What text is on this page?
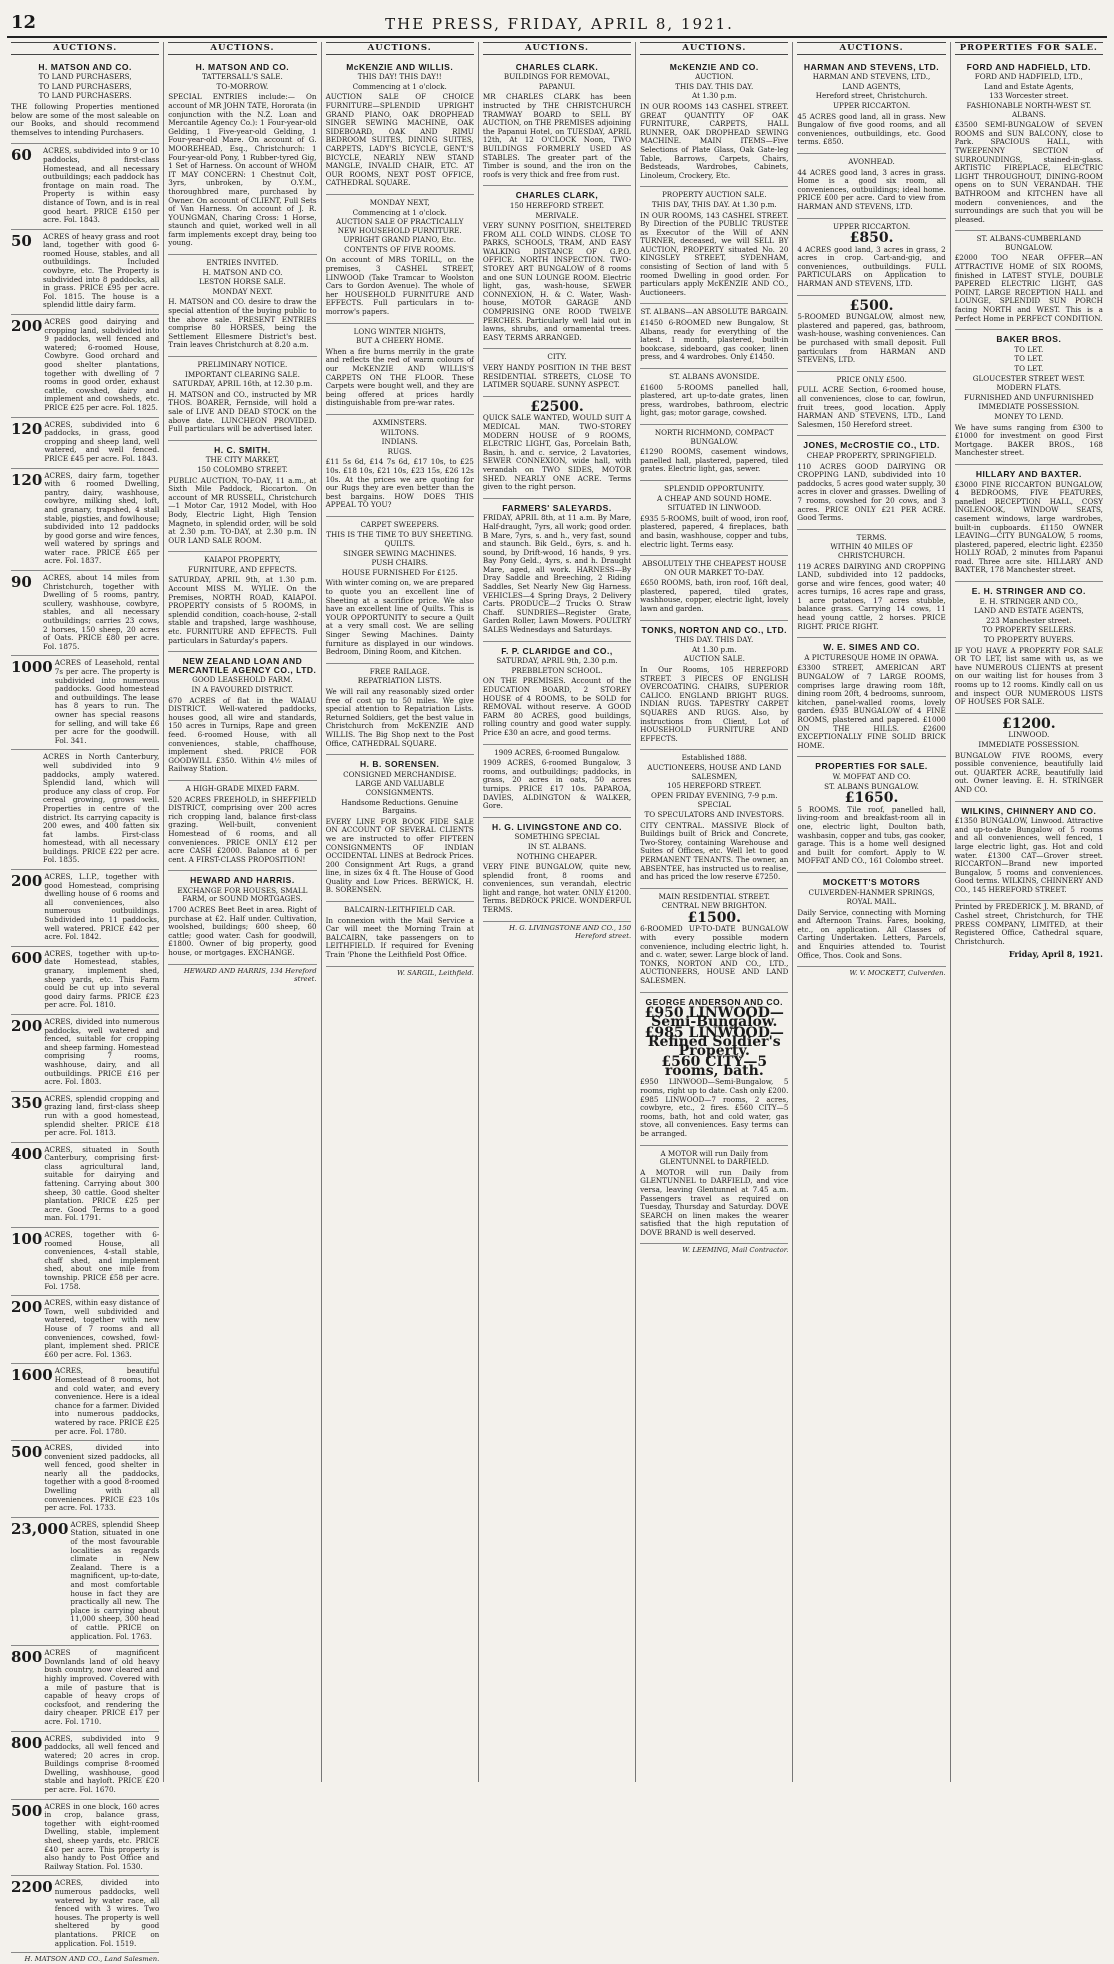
12	THE PRESS, FRIDAY, APRIL 8, 1921.
AUCTIONS.
H. MATSON AND CO.
TO LAND PURCHASERS,
TO LAND PURCHASERS,
TO LAND PURCHASERS.
THE following Properties mentioned below are some of the most saleable on our Books, and should recommend themselves to intending Purchasers.
60	ACRES, subdivided into 9 or 10 paddocks, first-class Homestead, and all necessary outbuildings; each paddock has frontage on main road. The Property is within easy distance of Town, and is in real good heart. PRICE £150 per acre. Fol. 1843.
50	ACRES of heavy grass and root land, together with good 6-roomed House, stables, and all outbuildings. Included cowbyre, etc. The Property is subdivided into 8 paddocks, all in grass. PRICE £95 per acre. Fol. 1815. The house is a splendid little dairy farm.
200 ACRES good dairying and cropping land, subdivided into 9 paddocks, well fenced and watered; 6-roomed House, Cowbyre. Good orchard and good shelter plantations, together with dwelling of 7 rooms in good order, exhaust cattle, cowshed, dairy and implement and cowsheds, etc. PRICE £25 per acre. Fol. 1825.
120 ACRES, subdivided into 6 paddocks, in grass, good cropping and sheep land, well watered, and well fenced. PRICE £45 per acre. Fol. 1843.
120 ACRES, dairy farm, together with 6 roomed Dwelling, pantry, dairy, washhouse, cowbyre, milking shed, loft, and granary, trapshed, 4 stall stable, pigsties, and fowlhouse; subdivided into 12 paddocks by good gorse and wire fences, well watered by springs and water race. PRICE £65 per acre. Fol. 1837.
90	ACRES, about 14 miles from Christchurch, together with Dwelling of 5 rooms, pantry, scullery, washhouse, cowbyre, stables, and all necessary outbuildings; carries 23 cows, 2 horses, 150 sheep, 20 acres of Oats. PRICE £80 per acre. Fol. 1875.
1000 ACRES of Leasehold, rental 7s per acre. The property is subdivided into numerous paddocks. Good homestead and outbuildings. The lease has 8 years to run. The owner has special reasons for selling, and will take £6 per acre for the goodwill. Fol. 341.
ACRES in North Canterbury, well subdivided into 9 paddocks, amply watered. Splendid land, which will produce any class of crop. For cereal growing, grows well. Properties in centre of the district. Its carrying capacity is 200 ewes, and 400 fatten six fat lambs. First-class homestead, with all necessary buildings. PRICE £22 per acre. Fol. 1835.
200 ACRES, L.I.P., together with good Homestead, comprising dwelling house of 6 rooms and all conveniences, also numerous outbuildings. Subdivided into 11 paddocks, well watered. PRICE £42 per acre. Fol. 1842.
600 ACRES, together with up-to-date Homestead, stables, granary, implement shed, sheep yards, etc. This Farm could be cut up into several good dairy farms. PRICE £23 per acre. Fol. 1810.
200 ACRES, divided into numerous paddocks, well watered and fenced, suitable for cropping and sheep farming. Homestead comprising 7 rooms, washhouse, dairy, and all outbuildings. PRICE £16 per acre. Fol. 1803.
350 ACRES, splendid cropping and grazing land, first-class sheep run with a good homestead, splendid shelter. PRICE £18 per acre. Fol. 1813.
400 ACRES, situated in South Canterbury, comprising first-class agricultural land, suitable for dairying and fattening. Carrying about 300 sheep, 30 cattle. Good shelter plantation. PRICE £25 per acre. Good Terms to a good man. Fol. 1791.
100 ACRES, together with 6-roomed House, all conveniences, 4-stall stable, chaff shed, and implement shed, about one mile from township. PRICE £58 per acre. Fol. 1758.
200 ACRES, within easy distance of Town, well subdivided and watered, together with new House of 7 rooms and all conveniences, cowshed, fowl-plant, implement shed. PRICE £60 per acre. Fol. 1363.
1600 ACRES, beautiful Homestead of 8 rooms, hot and cold water, and every convenience. Here is a ideal chance for a farmer. Divided into numerous paddocks, watered by race. PRICE £25 per acre. Fol. 1780.
500 ACRES, divided into convenient sized paddocks, all well fenced, good shelter in nearly all the paddocks, together with a good 8-roomed Dwelling with all conveniences. PRICE £23 10s per acre. Fol. 1733.
23,000 ACRES, splendid Sheep Station, situated in one of the most favourable localities as regards climate in New Zealand. There is a magnificent, up-to-date, and most comfortable house in fact they are practically all new. The place is carrying about 11,000 sheep, 300 head of cattle. PRICE on application. Fol. 1763.
800 ACRES of magnificent Downlands land of old heavy bush country, now cleared and highly improved. Covered with a mile of pasture that is capable of heavy crops of cocksfoot, and rendering the dairy cheaper. PRICE £17 per acre. Fol. 1710.
800 ACRES, subdivided into 9 paddocks, all well fenced and watered; 20 acres in crop. Buildings comprise 8-roomed Dwelling, washhouse, good stable and hayloft. PRICE £20 per acre. Fol. 1670.
500 ACRES in one block, 160 acres in crop, balance grass, together with eight-roomed Dwelling, stable, implement shed, sheep yards, etc. PRICE £40 per acre. This property is also handy to Post Office and Railway Station. Fol. 1530.
2200 ACRES, divided into numerous paddocks, well watered by water race, all fenced with 3 wires. Two houses. The property is well sheltered by good plantations. PRICE on application. Fol. 1519.
H. MATSON AND CO., Land Salesmen.
AUCTIONS.
H. MATSON AND CO.
TATTERSALL'S SALE.
TO-MORROW.
SPECIAL ENTRIES include:— On account of MR JOHN TATE, Hororata (in conjunction with the N.Z. Loan and Mercantile Agency Co.): 1 Four-year-old Gelding, 1 Five-year-old Gelding, 1 Four-year-old Mare. On account of G. MOOREHEAD, Esq., Christchurch: 1 Four-year-old Pony, 1 Rubber-tyred Gig, 1 Set of Harness. On account of WHOM IT MAY CONCERN: 1 Chestnut Colt, 3yrs, unbroken, by O.Y.M., thoroughbred mare, purchased by Owner. On account of CLIENT, Full Sets of Van Harness. On account of J. R. YOUNGMAN, Charing Cross: 1 Horse, staunch and quiet, worked well in all farm implements except dray, being too young.
ENTRIES INVITED.
H. MATSON AND CO.
LESTON HORSE SALE.
MONDAY NEXT.
H. MATSON and CO. desire to draw the special attention of the buying public to the above sale. PRESENT ENTRIES comprise 80 HORSES, being the Settlement Ellesmere District's best. Train leaves Christchurch at 8.20 a.m.
PRELIMINARY NOTICE.
IMPORTANT CLEARING SALE.
SATURDAY, APRIL 16th, at 12.30 p.m.
H. MATSON and CO., instructed by MR THOS. BOARER, Fernside, will hold a sale of LIVE AND DEAD STOCK on the above date. LUNCHEON PROVIDED. Full particulars will be advertised later.
H. C. SMITH.
THE CITY MARKET,
150 COLOMBO STREET.
PUBLIC AUCTION, TO-DAY, 11 a.m., at Sixth Mile Paddock, Riccarton. On account of MR RUSSELL, Christchurch—1 Motor Car, 1912 Model, with Hoo Body, Electric Light, High Tension Magneto, in splendid order, will be sold at 2.30 p.m. TO-DAY, at 2.30 p.m. IN OUR LAND SALE ROOM.
KAIAPOI PROPERTY,
FURNITURE, AND EFFECTS.
SATURDAY, APRIL 9th, at 1.30 p.m. Account MISS M. WYLIE. On the Premises, NORTH ROAD, KAIAPOI. PROPERTY consists of 5 ROOMS, in splendid condition, coach-house, 2-stall stable and trapshed, large washhouse, etc. FURNITURE AND EFFECTS. Full particulars in Saturday's papers.
NEW ZEALAND LOAN AND MERCANTILE AGENCY CO., LTD.
GOOD LEASEHOLD FARM.
IN A FAVOURED DISTRICT.
670 ACRES of flat in the WAIAU DISTRICT. Well-watered paddocks, houses good, all wire and standards, 150 acres in Turnips, Rape and green feed. 6-roomed House, with all conveniences, stable, chaffhouse, implement shed. PRICE FOR GOODWILL £350. Within 4½ miles of Railway Station.
A HIGH-GRADE MIXED FARM.
520 ACRES FREEHOLD, in SHEFFIELD DISTRICT, comprising over 200 acres rich cropping land, balance first-class grazing. Well-built, convenient Homestead of 6 rooms, and all conveniences. PRICE ONLY £12 per acre CASH £2000. Balance at 6 per cent. A FIRST-CLASS PROPOSITION!
HEWARD AND HARRIS.
EXCHANGE FOR HOUSES, SMALL FARM, or SOUND MORTGAGES.
1700 ACRES Beet Beet in area. Right of purchase at £2. Half under. Cultivation, woolshed, buildings; 600 sheep, 60 cattle; good water. Cash for goodwill, £1800. Owner of big property, good house, or mortgages. EXCHANGE.
HEWARD AND HARRIS, 134 Hereford street.
AUCTIONS.
McKENZIE AND WILLIS.
THIS DAY! THIS DAY!!
Commencing at 1 o'clock.
AUCTION SALE OF CHOICE FURNITURE—SPLENDID UPRIGHT GRAND PIANO, OAK DROPHEAD SINGER SEWING MACHINE, OAK SIDEBOARD, OAK AND RIMU BEDROOM SUITES, DINING SUITES, CARPETS, LADY'S BICYCLE, GENT.'S BICYCLE, NEARLY NEW STAND MANGLE, INVALID CHAIR, ETC. AT OUR ROOMS, NEXT POST OFFICE, CATHEDRAL SQUARE.
MONDAY NEXT,
Commencing at 1 o'clock.
AUCTION SALE OF PRACTICALLY NEW HOUSEHOLD FURNITURE.
UPRIGHT GRAND PIANO, Etc.
CONTENTS OF FIVE ROOMS.
On account of MRS TORILL, on the premises, 3 CASHEL STREET, LINWOOD (Take Tramcar to Woolston Cars to Gordon Avenue). The whole of her HOUSEHOLD FURNITURE AND EFFECTS. Full particulars in to-morrow's papers.
LONG WINTER NIGHTS,
BUT A CHEERY HOME.
When a fire burns merrily in the grate and reflects the red of warm colours of our McKENZIE AND WILLIS'S CARPETS ON THE FLOOR. These Carpets were bought well, and they are being offered at prices hardly distinguishable from pre-war rates.
AXMINSTERS.
WILTONS.
INDIANS.
RUGS.
£11 5s 6d, £14 7s 6d, £17 10s, to £25 10s. £18 10s, £21 10s, £23 15s, £26 12s 10s. At the prices we are quoting for our Rugs they are even better than the best bargains. HOW DOES THIS APPEAL TO YOU?
CARPET SWEEPERS.
THIS IS THE TIME TO BUY SHEETING.
QUILTS.
SINGER SEWING MACHINES.
PUSH CHAIRS.
HOUSE FURNISHED For £125.
With winter coming on, we are prepared to quote you an excellent line of Sheeting at a sacrifice price. We also have an excellent line of Quilts. This is YOUR OPPORTUNITY to secure a Quilt at a very small cost. We are selling Singer Sewing Machines. Dainty furniture as displayed in our windows. Bedroom, Dining Room, and Kitchen.
FREE RAILAGE.
REPATRIATION LISTS.
We will rail any reasonably sized order free of cost up to 50 miles. We give special attention to Repatriation Lists. Returned Soldiers, get the best value in Christchurch from McKENZIE AND WILLIS. The Big Shop next to the Post Office, CATHEDRAL SQUARE.
H. B. SORENSEN.
CONSIGNED MERCHANDISE.
LARGE AND VALUABLE CONSIGNMENTS.
Handsome Reductions. Genuine Bargains.
EVERY LINE FOR BOOK FIDE SALE ON ACCOUNT OF SEVERAL CLIENTS we are instructed to offer FIFTEEN CONSIGNMENTS OF INDIAN OCCIDENTAL LINES at Bedrock Prices. 200 Consignment Art Rugs, a grand line, in sizes 6x 4 ft. The House of Good Quality and Low Prices. BERWICK, H. B. SORENSEN.
BALCAIRN-LEITHFIELD CAR.
In connexion with the Mail Service a Car will meet the Morning Train at BALCAIRN, take passengers on to LEITHFIELD. If required for Evening Train 'Phone the Leithfield Post Office.
W. SARGIL, Leithfield.
AUCTIONS.
CHARLES CLARK.
BUILDINGS FOR REMOVAL,
PAPANUI.
MR CHARLES CLARK has been instructed by THE CHRISTCHURCH TRAMWAY BOARD to SELL BY AUCTION, on THE PREMISES adjoining the Papanui Hotel, on TUESDAY, APRIL 12th, At 12 O'CLOCK Noon, TWO BUILDINGS FORMERLY USED AS STABLES. The greater part of the Timber is sound, and the iron on the roofs is very thick and free from rust.
CHARLES CLARK,
150 HEREFORD STREET.
MERIVALE.
VERY SUNNY POSITION, SHELTERED FROM ALL COLD WINDS. CLOSE TO PARKS, SCHOOLS, TRAM, AND EASY WALKING DISTANCE OF G.P.O. OFFICE. NORTH INSPECTION. TWO-STOREY ART BUNGALOW of 8 rooms and one SUN LOUNGE ROOM. Electric light, gas, wash-house, SEWER CONNEXION, H. & C. Water, Wash-house, MOTOR GARAGE AND COMPRISING ONE ROOD TWELVE PERCHES. Particularly well laid out in lawns, shrubs, and ornamental trees. EASY TERMS ARRANGED.
CITY.
VERY HANDY POSITION IN THE BEST RESIDENTIAL STREETS, CLOSE TO LATIMER SQUARE. SUNNY ASPECT.
£2500.
QUICK SALE WANTED, WOULD SUIT A MEDICAL MAN. TWO-STOREY MODERN HOUSE of 9 ROOMS, ELECTRIC LIGHT, Gas, Porcelain Bath, Basin, h. and c. service, 2 Lavatories, SEWER CONNEXION, wide hall, with verandah on TWO SIDES, MOTOR SHED. NEARLY ONE ACRE. Terms given to the right person.
FARMERS' SALEYARDS.
FRIDAY, APRIL 8th, at 11 a.m. By Mare, Half-draught, 7yrs, all work; good order. B Mare, 7yrs, s. and h., very fast, sound and staunch. Bik Geld., 6yrs, s. and h. sound, by Drift-wood, 16 hands, 9 yrs. Bay Pony Geld., 4yrs, s. and h. Draught Mare, aged, all work. HARNESS—By Dray Saddle and Breeching, 2 Riding Saddles, Set Nearly New Gig Harness. VEHICLES—4 Spring Drays, 2 Delivery Carts. PRODUCE—2 Trucks O. Straw Chaff. SUNDRIES—Register Grate, Garden Roller, Lawn Mowers. POULTRY SALES Wednesdays and Saturdays.
F. P. CLARIDGE and CO.,
SATURDAY, APRIL 9th, 2.30 p.m.
PREBBLETON SCHOOL.
ON THE PREMISES. Account of the EDUCATION BOARD, 2 STOREY HOUSE of 4 ROOMS, to be SOLD for REMOVAL without reserve. A GOOD FARM 80 ACRES, good buildings, rolling country and good water supply. Price £30 an acre, and good terms.
1909 ACRES, 6-roomed Bungalow.
1909 ACRES, 6-roomed Bungalow, 3 rooms, and outbuildings; paddocks, in grass, 20 acres in oats, 50 acres turnips. PRICE £17 10s. PAPAROA, DAVIES, ALDINGTON & WALKER, Gore.
H. G. LIVINGSTONE AND CO.
SOMETHING SPECIAL
IN ST. ALBANS.
NOTHING CHEAPER.
VERY FINE BUNGALOW, quite new, splendid front, 8 rooms and conveniences, sun verandah, electric light and range, hot water. ONLY £1200. Terms. BEDROCK PRICE. WONDERFUL TERMS.
H. G. LIVINGSTONE AND CO., 150 Hereford street.
AUCTIONS.
McKENZIE AND CO.
AUCTION.
THIS DAY. THIS DAY.
At 1.30 p.m.
IN OUR ROOMS 143 CASHEL STREET. GREAT QUANTITY OF OAK FURNITURE, CARPETS, HALL RUNNER, OAK DROPHEAD SEWING MACHINE. MAIN ITEMS—Five Selections of Plate Glass, Oak Gate-leg Table, Barrows, Carpets, Chairs, Bedsteads, Wardrobes, Cabinets, Linoleum, Crockery, Etc.
PROPERTY AUCTION SALE.
THIS DAY, THIS DAY. At 1.30 p.m.
IN OUR ROOMS, 143 CASHEL STREET. By Direction of the PUBLIC TRUSTEE as Executor of the Will of ANN TURNER, deceased, we will SELL BY AUCTION, PROPERTY situated No. 20 KINGSLEY STREET, SYDENHAM, consisting of Section of land with 5 roomed Dwelling in good order. For particulars apply McKENZIE AND CO., Auctioneers.
ST. ALBANS—AN ABSOLUTE BARGAIN.
£1450 6-ROOMED new Bungalow, St Albans, ready for everything of the latest. 1 month, plastered, built-in bookcase, sideboard, gas cooker, linen press, and 4 wardrobes. Only £1450.
ST. ALBANS AVONSIDE.
£1600 5-ROOMS panelled hall, plastered, art up-to-date grates, linen press, wardrobes, bathroom, electric light, gas; motor garage, cowshed.
NORTH RICHMOND, COMPACT BUNGALOW.
£1290 ROOMS, casement windows, panelled hall, plastered, papered, tiled grates. Electric light, gas, sewer.
SPLENDID OPPORTUNITY.
A CHEAP AND SOUND HOME.
SITUATED IN LINWOOD.
£935 5-ROOMS, built of wood, iron roof, plastered, papered, 4 fireplaces, bath and basin, washhouse, copper and tubs, electric light. Terms easy.
ABSOLUTELY THE CHEAPEST HOUSE ON OUR MARKET TO-DAY.
£650 ROOMS, bath, iron roof, 16ft deal, plastered, papered, tiled grates, washhouse, copper, electric light, lovely lawn and garden.
TONKS, NORTON AND CO., LTD.
THIS DAY. THIS DAY.
At 1.30 p.m.
AUCTION SALE.
In Our Rooms, 105 HEREFORD STREET. 3 PIECES OF ENGLISH OVERCOATING. CHAIRS, SUPERIOR CALICO. ENGLAND BRIGHT RUGS. INDIAN RUGS. TAPESTRY CARPET SQUARES AND RUGS. Also, by instructions from Client, Lot of HOUSEHOLD FURNITURE AND EFFECTS.
Established 1888.
AUCTIONEERS, HOUSE AND LAND SALESMEN,
105 HEREFORD STREET.
OPEN FRIDAY EVENING, 7-9 p.m.
SPECIAL
TO SPECULATORS AND INVESTORS.
CITY CENTRAL. MASSIVE Block of Buildings built of Brick and Concrete, Two-Storey, containing Warehouse and Suites of Offices, etc. Well let to good PERMANENT TENANTS. The owner, an ABSENTEE, has instructed us to realise, and has priced the low reserve £7250.
MAIN RESIDENTIAL STREET.
CENTRAL NEW BRIGHTON.
£1500.
6-ROOMED UP-TO-DATE BUNGALOW with every possible modern convenience, including electric light, h. and c. water, sewer. Large block of land. TONKS, NORTON AND CO., LTD., AUCTIONEERS, HOUSE AND LAND SALESMEN.
GEORGE ANDERSON AND CO.
£950 LINWOOD—Semi-Bungalow.
£985 LINWOOD—Refined Soldier's Property.
£560 CITY—5 rooms, bath.
£950 LINWOOD—Semi-Bungalow, 5 rooms, right up to date. Cash only £200. £985 LINWOOD—7 rooms, 2 acres, cowbyre, etc., 2 fires. £560 CITY—5 rooms, bath, hot and cold water, gas stove, all conveniences. Easy terms can be arranged.
A MOTOR will run Daily from GLENTUNNEL to DARFIELD.
A MOTOR will run Daily from GLENTUNNEL to DARFIELD, and vice versa, leaving Glentunnel at 7.45 a.m. Passengers travel as required on Tuesday, Thursday and Saturday. DOVE SEARCH on linen makes the wearer satisfied that the high reputation of DOVE BRAND is well deserved.
W. LEEMING, Mail Contractor.
AUCTIONS.
HARMAN AND STEVENS, LTD.
HARMAN AND STEVENS, LTD.,
LAND AGENTS,
Hereford street, Christchurch.
UPPER RICCARTON.
45 ACRES good land, all in grass. New Bungalow of five good rooms, and all conveniences, outbuildings, etc. Good terms. £850.
AVONHEAD.
44 ACRES good land, 3 acres in grass. Home is a good six room, all conveniences, outbuildings; ideal home. PRICE £00 per acre. Card to view from HARMAN AND STEVENS, LTD.
UPPER RICCARTON.
£850.
4 ACRES good land, 3 acres in grass, 2 acres in crop. Cart-and-gig, and conveniences, outbuildings. FULL PARTICULARS on Application to HARMAN AND STEVENS, LTD.
£500.
5-ROOMED BUNGALOW, almost new, plastered and papered, gas, bathroom, wash-house, washing conveniences. Can be purchased with small deposit. Full particulars from HARMAN AND STEVENS, LTD.
PRICE ONLY £500.
FULL ACRE Section, 6-roomed house, all conveniences, close to car, fowlrun, fruit trees, good location. Apply HARMAN AND STEVENS, LTD., Land Salesmen, 150 Hereford street.
JONES, McCROSTIE CO., LTD.
CHEAP PROPERTY, SPRINGFIELD.
110 ACRES GOOD DAIRYING OR CROPPING LAND, subdivided into 10 paddocks, 5 acres good water supply, 30 acres in clover and grasses. Dwelling of 7 rooms, cowshed for 20 cows, and 3 acres. PRICE ONLY £21 PER ACRE. Good Terms.
TERMS.
WITHIN 40 MILES OF CHRISTCHURCH.
119 ACRES DAIRYING AND CROPPING LAND, subdivided into 12 paddocks, gorse and wire fences, good water; 40 acres turnips, 16 acres rape and grass, 1 acre potatoes, 17 acres stubble, balance grass. Carrying 14 cows, 11 head young cattle, 2 horses. PRICE RIGHT. PRICE RIGHT.
W. E. SIMES AND CO.
A PICTURESQUE HOME IN OPAWA.
£3300 STREET, AMERICAN ART BUNGALOW of 7 LARGE ROOMS, comprises large drawing room 18ft, dining room 20ft, 4 bedrooms, sunroom, kitchen, panel-walled rooms, lovely garden. £935 BUNGALOW of 4 FINE ROOMS, plastered and papered. £1000 ON THE HILLS. £2600 EXCEPTIONALLY FINE SOLID BRICK HOME.
PROPERTIES FOR SALE.
W. MOFFAT AND CO.
ST. ALBANS BUNGALOW.
£1650.
5 ROOMS. Tile roof, panelled hall, living-room and breakfast-room all in one, electric light, Doulton bath, washbasin, copper and tubs, gas cooker, garage. This is a home well designed and built for comfort. Apply to W. MOFFAT AND CO., 161 Colombo street.
MOCKETT'S MOTORS
CULVERDEN-HANMER SPRINGS,
ROYAL MAIL.
Daily Service, connecting with Morning and Afternoon Trains. Fares, booking, etc., on application. All Classes of Carting Undertaken. Letters, Parcels, and Enquiries attended to. Tourist Office, Thos. Cook and Sons.
W. V. MOCKETT, Culverden.
PROPERTIES FOR SALE.
FORD AND HADFIELD, LTD.
FORD AND HADFIELD, LTD.,
Land and Estate Agents,
133 Worcester street.
FASHIONABLE NORTH-WEST ST. ALBANS.
£3500 SEMI-BUNGALOW of SEVEN ROOMS and SUN BALCONY, close to Park. SPACIOUS HALL, with TWEEPENNY SECTION of SURROUNDINGS, stained-in-glass. ARTISTIC FIREPLACE, ELECTRIC LIGHT THROUGHOUT, DINING-ROOM opens on to SUN VERANDAH. THE BATHROOM and KITCHEN have all modern conveniences, and the surroundings are such that you will be pleased.
ST. ALBANS-CUMBERLAND BUNGALOW.
£2000 TOO NEAR OFFER—AN ATTRACTIVE HOME of SIX ROOMS, finished in LATEST STYLE, DOUBLE PAPERED ELECTRIC LIGHT, GAS POINT, LARGE RECEPTION HALL and LOUNGE, SPLENDID SUN PORCH facing NORTH and WEST. This is a Perfect Home in PERFECT CONDITION.
BAKER BROS.
TO LET.
TO LET.
TO LET.
GLOUCESTER STREET WEST.
MODERN FLATS.
FURNISHED AND UNFURNISHED
IMMEDIATE POSSESSION.
MONEY TO LEND.
We have sums ranging from £300 to £1000 for investment on good First Mortgage. BAKER BROS., 168 Manchester street.
HILLARY AND BAXTER.
£3000 FINE RICCARTON BUNGALOW, 4 BEDROOMS, FIVE FEATURES, panelled RECEPTION HALL, COSY INGLENOOK, WINDOW SEATS, casement windows, large wardrobes, built-in cupboards. £1150 OWNER LEAVING—CITY BUNGALOW, 5 rooms, plastered, papered, electric light. £2350 HOLLY ROAD, 2 minutes from Papanui road. Three acre site. HILLARY AND BAXTER, 178 Manchester street.
E. H. STRINGER AND CO.
E. H. STRINGER AND CO.,
LAND AND ESTATE AGENTS,
223 Manchester street.
TO PROPERTY SELLERS.
TO PROPERTY BUYERS.
IF YOU HAVE A PROPERTY FOR SALE OR TO LET, list same with us, as we have NUMEROUS CLIENTS at present on our waiting list for houses from 3 rooms up to 12 rooms. Kindly call on us and inspect OUR NUMEROUS LISTS OF HOUSES FOR SALE.
£1200.
LINWOOD.
IMMEDIATE POSSESSION.
BUNGALOW FIVE ROOMS, every possible convenience, beautifully laid out. QUARTER ACRE, beautifully laid out. Owner leaving. E. H. STRINGER AND CO.
WILKINS, CHINNERY AND CO.
£1350 BUNGALOW, Linwood. Attractive and up-to-date Bungalow of 5 rooms and all conveniences, well fenced, 1 large electric light, gas. Hot and cold water. £1300 CAT—Grover street. RICCARTON—Brand new imported Bungalow, 5 rooms and conveniences. Good terms. WILKINS, CHINNERY AND CO., 145 HEREFORD STREET.
Printed by FREDERICK J. M. BRAND, of Cashel street, Christchurch, for THE PRESS COMPANY, LIMITED, at their Registered Office, Cathedral square, Christchurch.
Friday, April 8, 1921.
